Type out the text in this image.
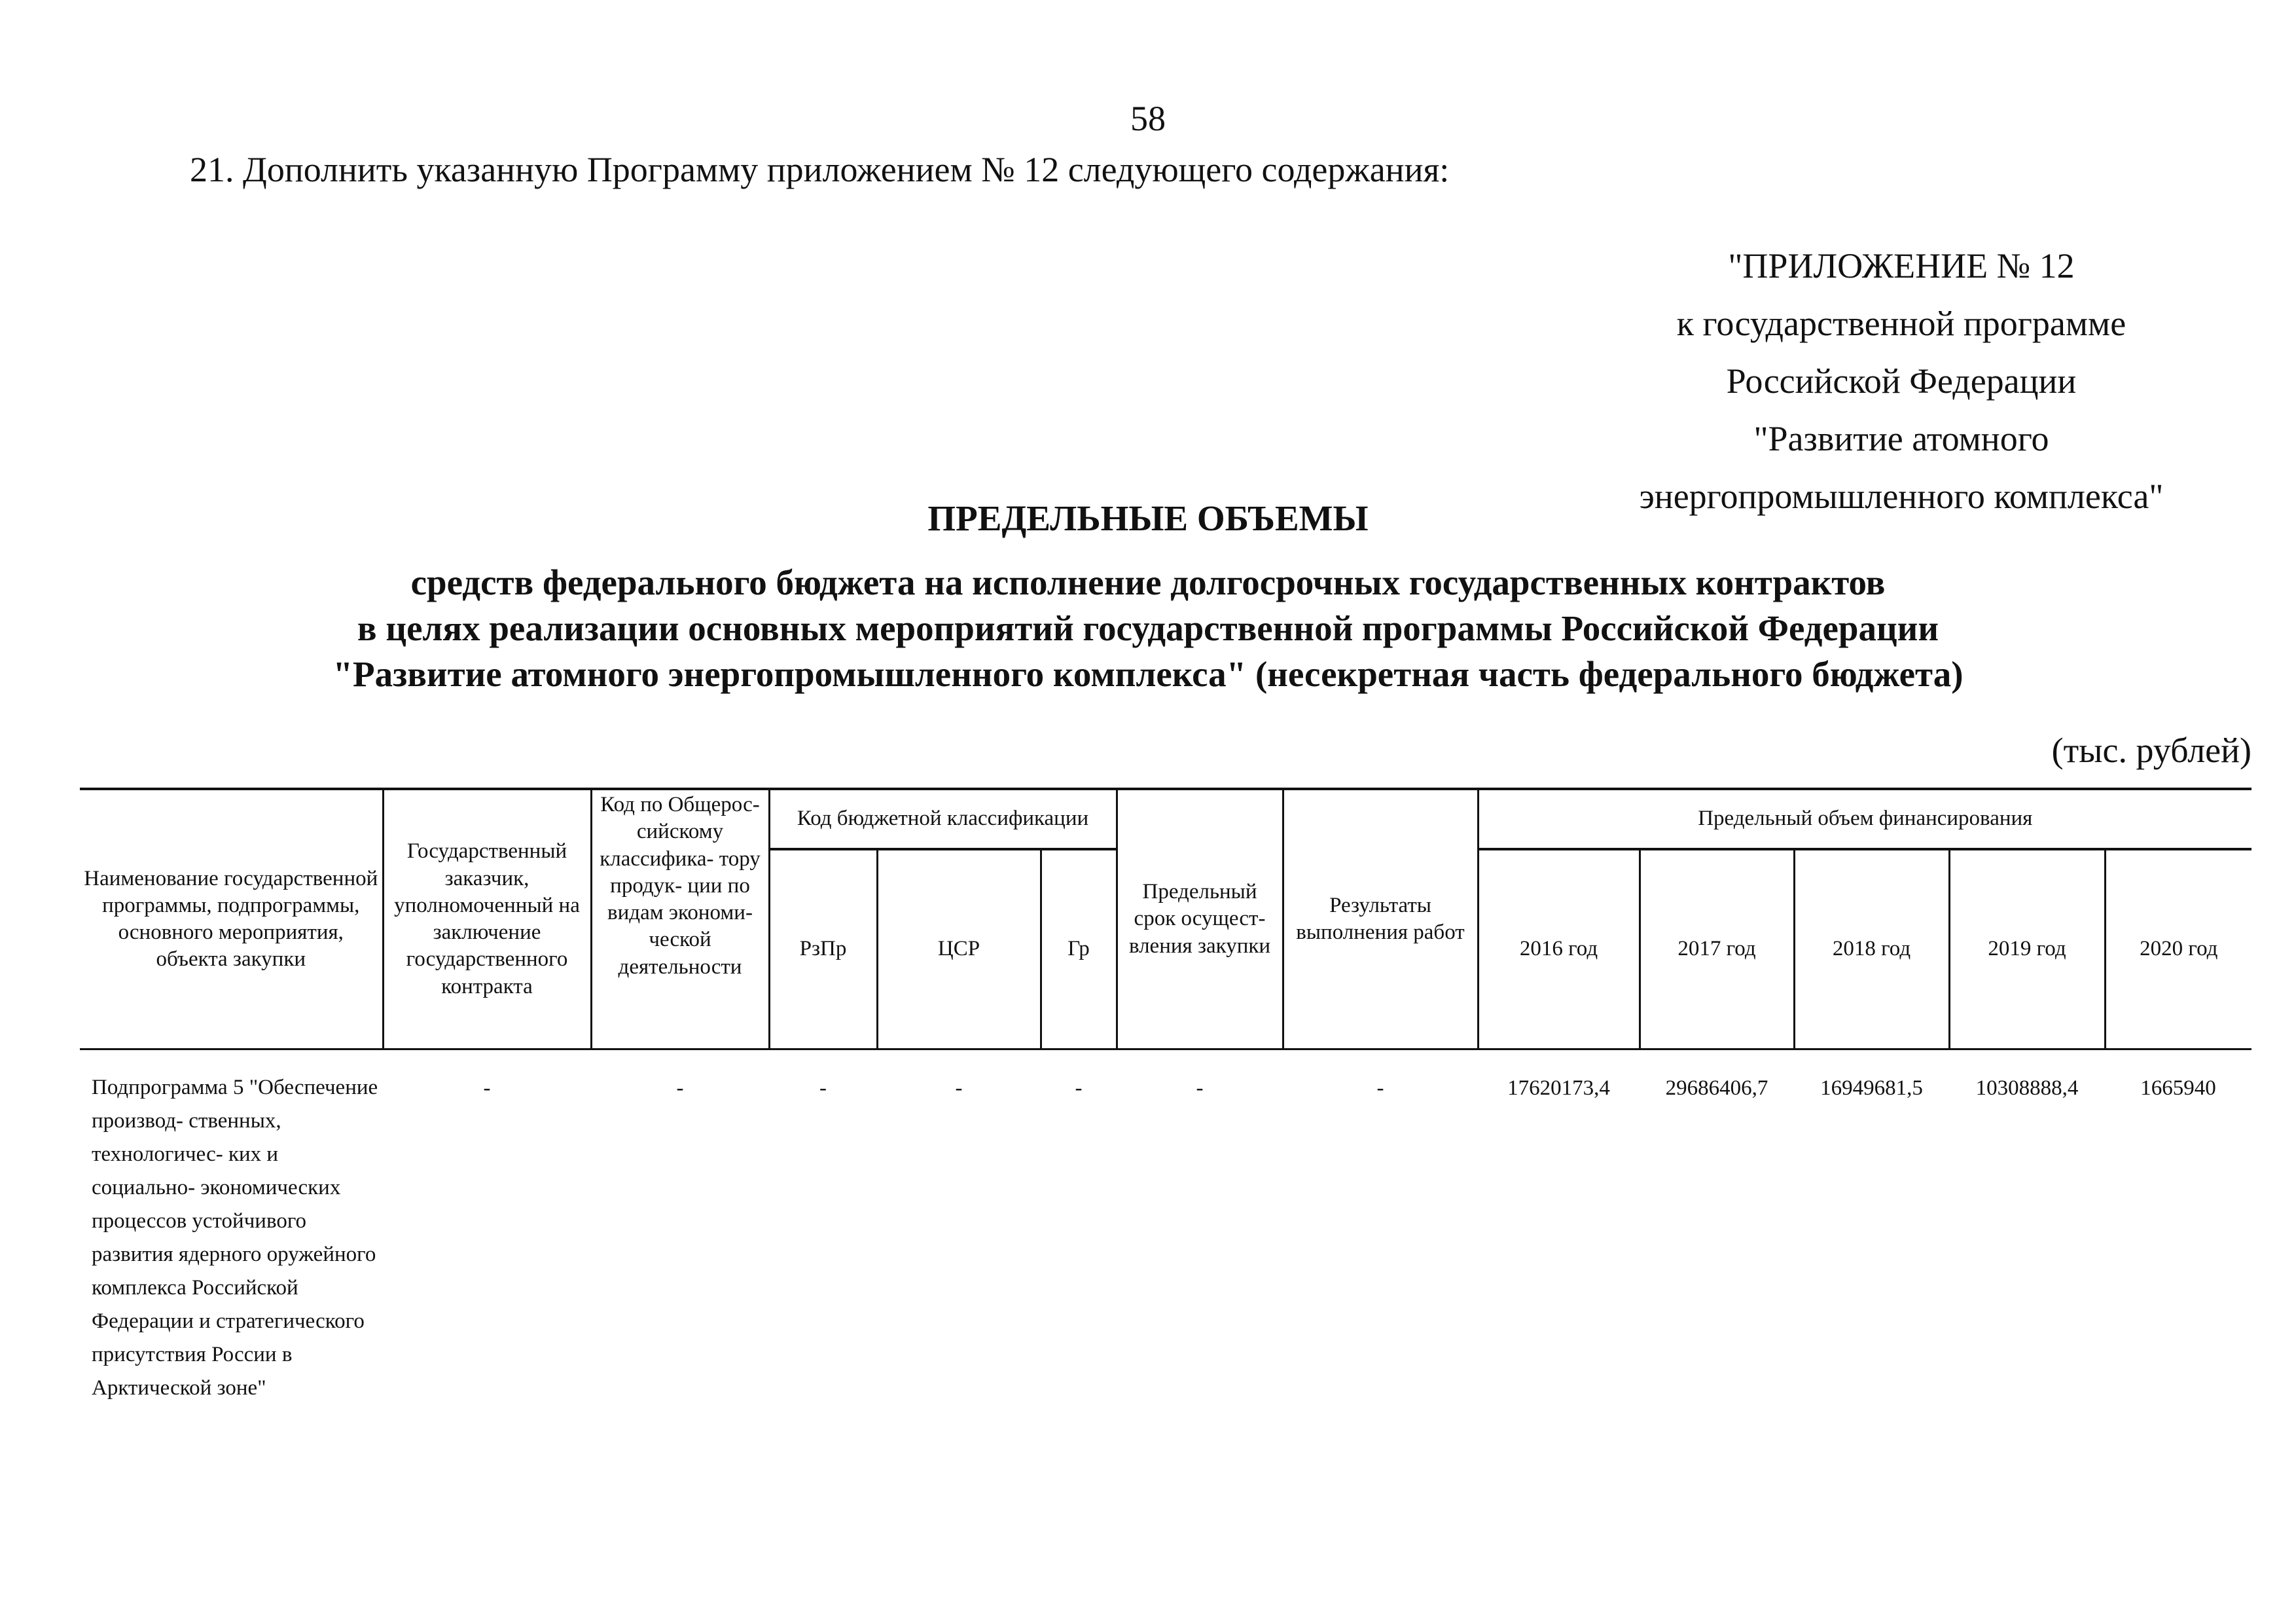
58
21. Дополнить указанную Программу приложением № 12 следующего содержания:
"ПРИЛОЖЕНИЕ № 12
к государственной программе
Российской Федерации
"Развитие атомного
энергопромышленного комплекса"
ПРЕДЕЛЬНЫЕ ОБЪЕМЫ
средств федерального бюджета на исполнение долгосрочных государственных контрактов
в целях реализации основных мероприятий государственной программы Российской Федерации
"Развитие атомного энергопромышленного комплекса" (несекретная часть федерального бюджета)
(тыс. рублей)
Наименование государственной программы, подпрограммы, основного мероприятия, объекта закупки	Государственный заказчик, уполномоченный на заключение государственного контракта	Код по Общерос- сийскому классифика- тору продук- ции по видам экономи- ческой деятельности	Код бюджетной классификации			Предельный срок осущест- вления закупки	Результаты выполнения работ	Предельный объем финансирования				
			РзПр	ЦСР	Гр			2016 год	2017 год	2018 год	2019 год	2020 год
Подпрограмма 5 "Обеспечение производ- ственных, технологичес- ких и социально- экономических процессов устойчивого развития ядерного оружейного комплекса Российской Федерации и стратегического присутствия России в Арктической зоне"	-	-	-	-	-	-	-	17620173,4	29686406,7	16949681,5	10308888,4	1665940
